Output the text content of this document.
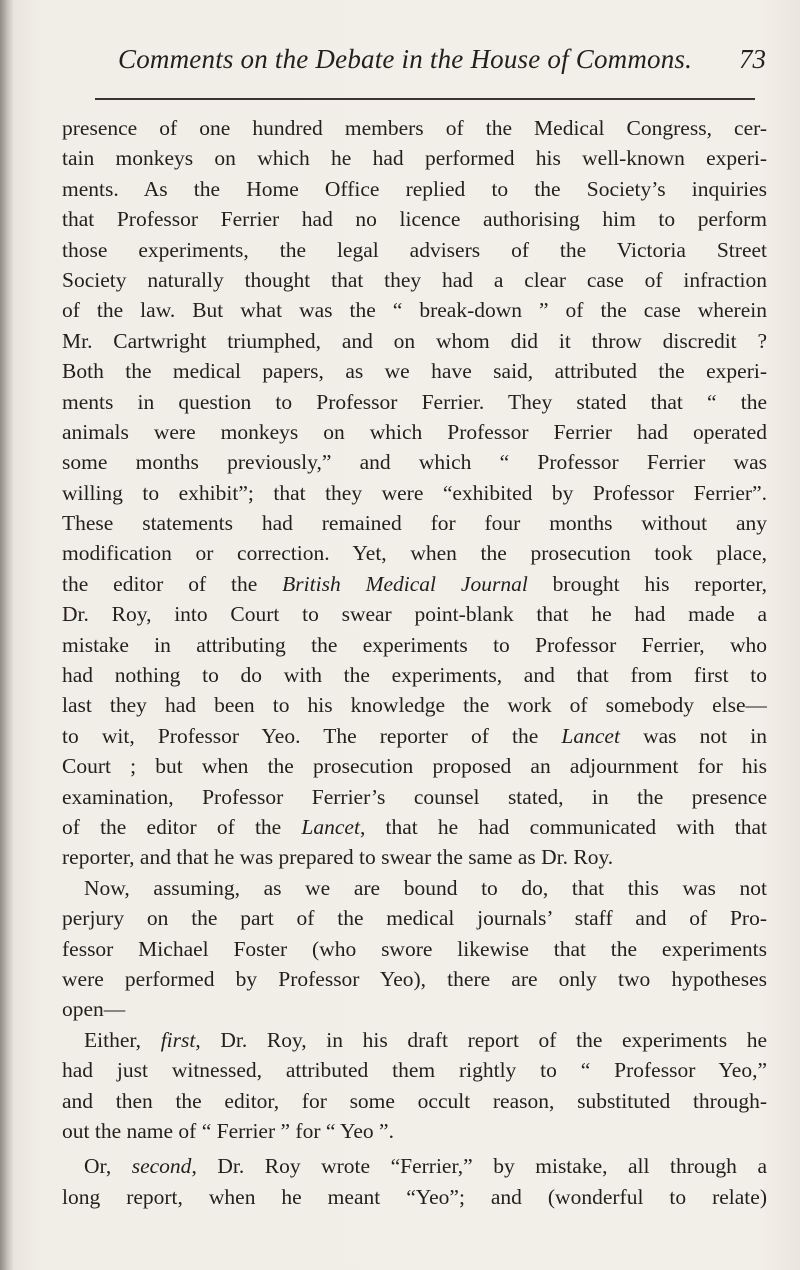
Comments on the Debate in the House of Commons. 73
presence of one hundred members of the Medical Congress, cer-
tain monkeys on which he had performed his well-known experi-
ments. As the Home Office replied to the Society’s inquiries
that Professor Ferrier had no licence authorising him to perform
those experiments, the legal advisers of the Victoria Street
Society naturally thought that they had a clear case of infraction
of the law. But what was the “ break-down ” of the case wherein
Mr. Cartwright triumphed, and on whom did it throw discredit ?
Both the medical papers, as we have said, attributed the experi-
ments in question to Professor Ferrier. They stated that “ the
animals were monkeys on which Professor Ferrier had operated
some months previously,” and which “ Professor Ferrier was
willing to exhibit”; that they were “exhibited by Professor Ferrier”.
These statements had remained for four months without any
modification or correction. Yet, when the prosecution took place,
the editor of the British Medical Journal brought his reporter,
Dr. Roy, into Court to swear point-blank that he had made a
mistake in attributing the experiments to Professor Ferrier, who
had nothing to do with the experiments, and that from first to
last they had been to his knowledge the work of somebody else—
to wit, Professor Yeo. The reporter of the Lancet was not in
Court ; but when the prosecution proposed an adjournment for his
examination, Professor Ferrier’s counsel stated, in the presence
of the editor of the Lancet, that he had communicated with that
reporter, and that he was prepared to swear the same as Dr. Roy.
Now, assuming, as we are bound to do, that this was not
perjury on the part of the medical journals’ staff and of Pro-
fessor Michael Foster (who swore likewise that the experiments
were performed by Professor Yeo), there are only two hypotheses
open—
Either, first, Dr. Roy, in his draft report of the experiments he
had just witnessed, attributed them rightly to “ Professor Yeo,”
and then the editor, for some occult reason, substituted through-
out the name of “ Ferrier ” for “ Yeo ”.
Or, second, Dr. Roy wrote “Ferrier,” by mistake, all through a
long report, when he meant “Yeo”; and (wonderful to relate)
